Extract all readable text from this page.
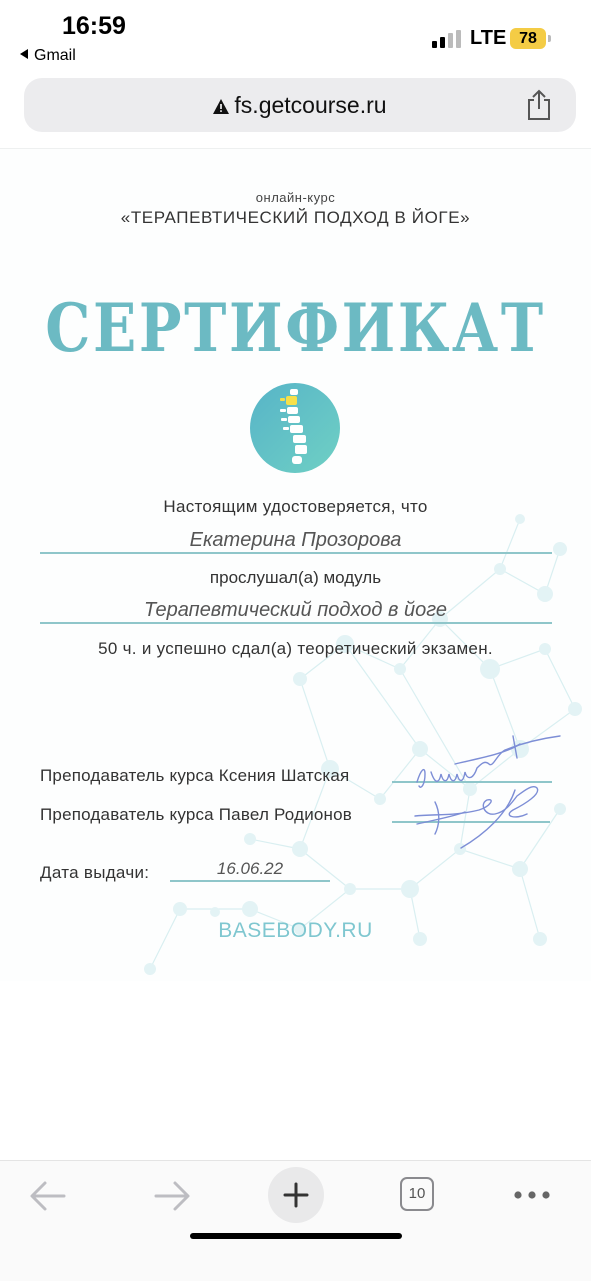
16:59
Gmail
LTE 78
fs.getcourse.ru
онлайн-курс
«ТЕРАПЕВТИЧЕСКИЙ ПОДХОД В ЙОГЕ»
СЕРТИФИКАТ
Настоящим удостоверяется, что
Екатерина Прозорова
прослушал(а) модуль
Терапевтический подход в йоге
50 ч. и успешно сдал(а) теоретический экзамен.
Преподаватель курса Ксения Шатская
Преподаватель курса Павел Родионов
Дата выдачи:	16.06.22
BASEBODY.RU
10
